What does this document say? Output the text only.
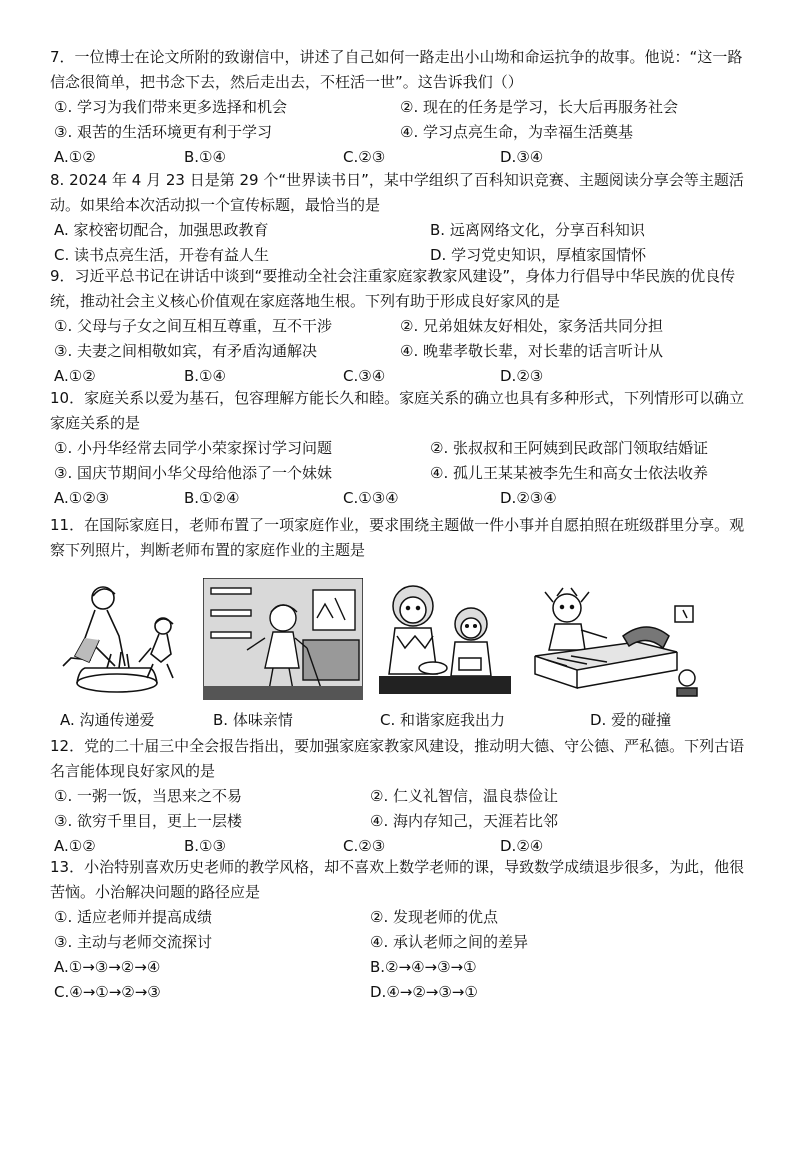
7．一位博士在论文所附的致谢信中，讲述了自己如何一路走出小山坳和命运抗争的故事。他说：“这一路信念很简单，把书念下去，然后走出去，不枉活一世”。这告诉我们（）

①. 学习为我们带来更多选择和机会	②. 现在的任务是学习，长大后再服务社会
③. 艰苦的生活环境更有利于学习	④. 学习点亮生命，为幸福生活奠基
A.①②	B.①④	C.②③	D.③④

8. 2024 年 4 月 23 日是第 29 个“世界读书日”，某中学组织了百科知识竞赛、主题阅读分享会等主题活动。如果给本次活动拟一个宣传标题，最恰当的是

A. 家校密切配合，加强思政教育	B. 远离网络文化，分享百科知识
C. 读书点亮生活，开卷有益人生	D. 学习党史知识，厚植家国情怀

9．习近平总书记在讲话中谈到“要推动全社会注重家庭家教家风建设”，身体力行倡导中华民族的优良传统，推动社会主义核心价值观在家庭落地生根。下列有助于形成良好家风的是

①. 父母与子女之间互相互尊重，互不干涉	②. 兄弟姐妹友好相处，家务活共同分担
③. 夫妻之间相敬如宾，有矛盾沟通解决	④. 晚辈孝敬长辈，对长辈的话言听计从
A.①②	B.①④	C.③④	D.②③

10．家庭关系以爱为基石，包容理解方能长久和睦。家庭关系的确立也具有多种形式，下列情形可以确立家庭关系的是

①. 小丹华经常去同学小荣家探讨学习问题	②. 张叔叔和王阿姨到民政部门领取结婚证
③. 国庆节期间小华父母给他添了一个妹妹	④. 孤儿王某某被李先生和高女士依法收养
A.①②③	B.①②④	C.①③④	D.②③④

11．在国际家庭日，老师布置了一项家庭作业，要求围绕主题做一件小事并自愿拍照在班级群里分享。观察下列照片，判断老师布置的家庭作业的主题是

A. 沟通传递爱	B. 体味亲情	C. 和谐家庭我出力	D. 爱的碰撞

12．党的二十届三中全会报告指出，要加强家庭家教家风建设，推动明大德、守公德、严私德。下列古语名言能体现良好家风的是

①. 一粥一饭，当思来之不易	②. 仁义礼智信，温良恭俭让
③. 欲穷千里目，更上一层楼	④. 海内存知己，天涯若比邻
A.①②	B.①③	C.②③	D.②④

13．小治特别喜欢历史老师的教学风格，却不喜欢上数学老师的课，导致数学成绩退步很多，为此，他很苦恼。小治解决问题的路径应是

①. 适应老师并提高成绩	②. 发现老师的优点
③. 主动与老师交流探讨	④. 承认老师之间的差异
A.①→③→②→④	B.②→④→③→①
C.④→①→②→③	D.④→②→③→①
